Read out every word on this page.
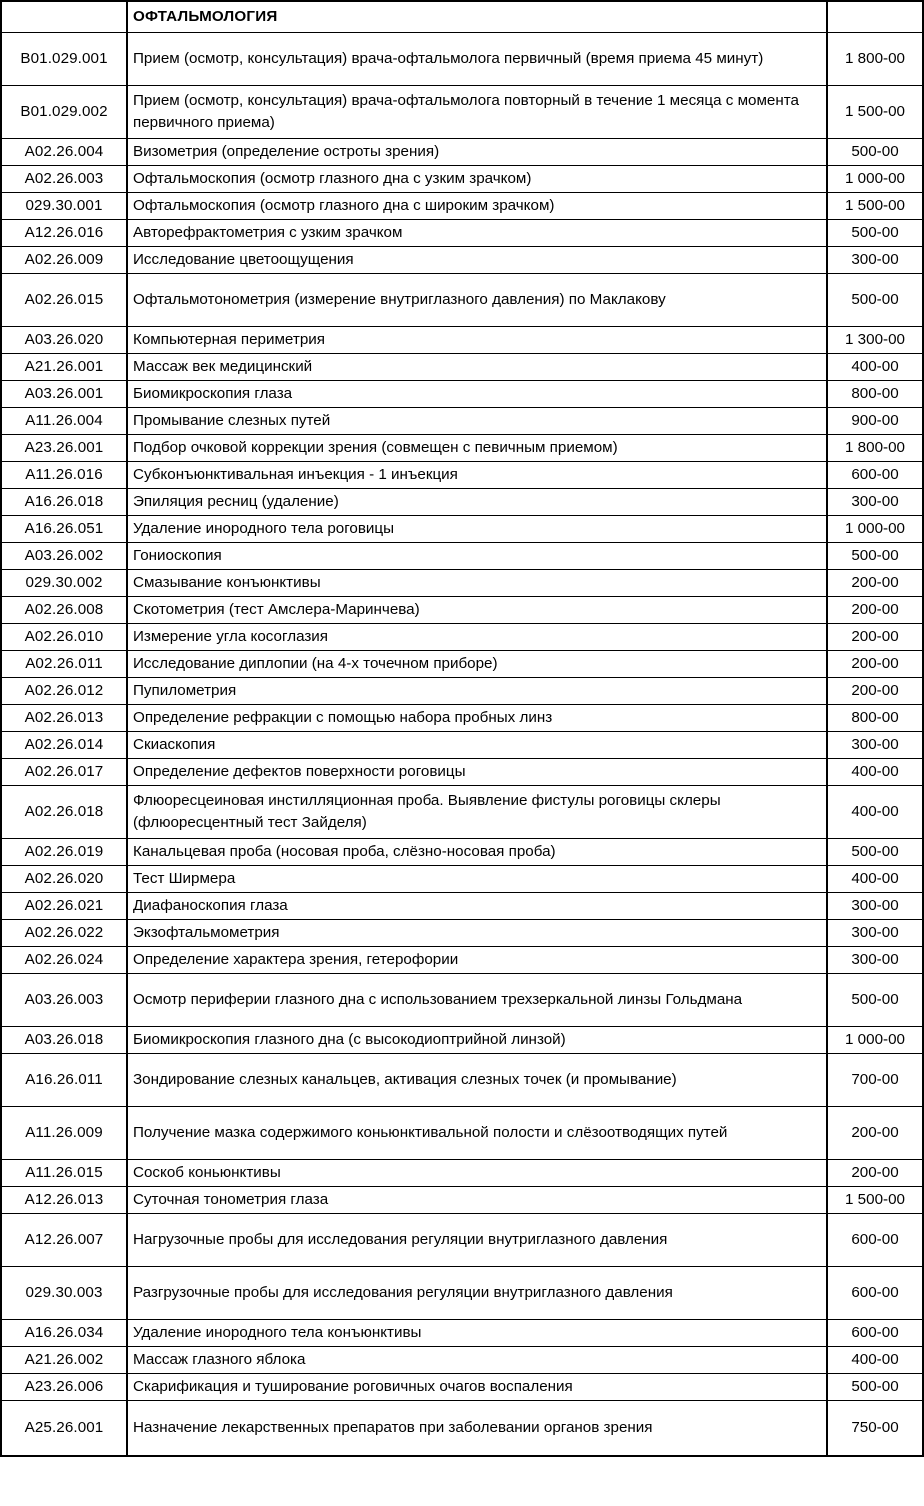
	ОФТАЛЬМОЛОГИЯ	
B01.029.001	Прием (осмотр, консультация) врача-офтальмолога первичный (время приема 45 минут)	1 800-00
B01.029.002	Прием (осмотр, консультация) врача-офтальмолога повторный в течение 1 месяца с момента первичного приема)	1 500-00
A02.26.004	Визометрия (определение остроты зрения)	500-00
A02.26.003	Офтальмоскопия (осмотр глазного дна с узким зрачком)	1 000-00
029.30.001	Офтальмоскопия (осмотр глазного дна с широким зрачком)	1 500-00
A12.26.016	Авторефрактометрия с узким зрачком	500-00
A02.26.009	Исследование цветоощущения	300-00
A02.26.015	Офтальмотонометрия (измерение внутриглазного давления) по Маклакову	500-00
A03.26.020	Компьютерная периметрия	1 300-00
A21.26.001	Массаж век медицинский	400-00
A03.26.001	Биомикроскопия глаза	800-00
A11.26.004	Промывание слезных путей	900-00
A23.26.001	Подбор очковой коррекции зрения (совмещен с певичным приемом)	1 800-00
A11.26.016	Субконъюнктивальная инъекция - 1 инъекция	600-00
A16.26.018	Эпиляция ресниц (удаление)	300-00
A16.26.051	Удаление инородного тела роговицы	1 000-00
A03.26.002	Гониоскопия	500-00
029.30.002	Смазывание конъюнктивы	200-00
A02.26.008	Скотометрия (тест Амслера-Маринчева)	200-00
A02.26.010	Измерение угла косоглазия	200-00
A02.26.011	Исследование диплопии (на 4-х точечном приборе)	200-00
A02.26.012	Пупилометрия	200-00
A02.26.013	Определение рефракции с помощью набора пробных линз	800-00
A02.26.014	Скиаскопия	300-00
A02.26.017	Определение дефектов поверхности роговицы	400-00
A02.26.018	Флюоресцеиновая инстилляционная проба. Выявление фистулы роговицы склеры (флюоресцентный тест Зайделя)	400-00
A02.26.019	Канальцевая проба (носовая проба, слёзно-носовая проба)	500-00
A02.26.020	Тест Ширмера	400-00
A02.26.021	Диафаноскопия глаза	300-00
A02.26.022	Экзофтальмометрия	300-00
A02.26.024	Определение характера зрения, гетерофории	300-00
A03.26.003	Осмотр периферии глазного дна с использованием трехзеркальной линзы Гольдмана	500-00
A03.26.018	Биомикроскопия глазного дна (с высокодиоптрийной линзой)	1 000-00
A16.26.011	Зондирование слезных канальцев, активация слезных точек (и промывание)	700-00
A11.26.009	Получение мазка содержимого коньюнктивальной полости и слёзоотводящих путей	200-00
A11.26.015	Соскоб коньюнктивы	200-00
A12.26.013	Суточная тонометрия глаза	1 500-00
A12.26.007	Нагрузочные пробы для исследования регуляции внутриглазного давления	600-00
029.30.003	Разгрузочные пробы для исследования регуляции внутриглазного давления	600-00
A16.26.034	Удаление инородного тела конъюнктивы	600-00
A21.26.002	Массаж глазного яблока	400-00
A23.26.006	Скарификация и туширование роговичных очагов воспаления	500-00
A25.26.001	Назначение лекарственных препаратов при заболевании органов зрения	750-00
